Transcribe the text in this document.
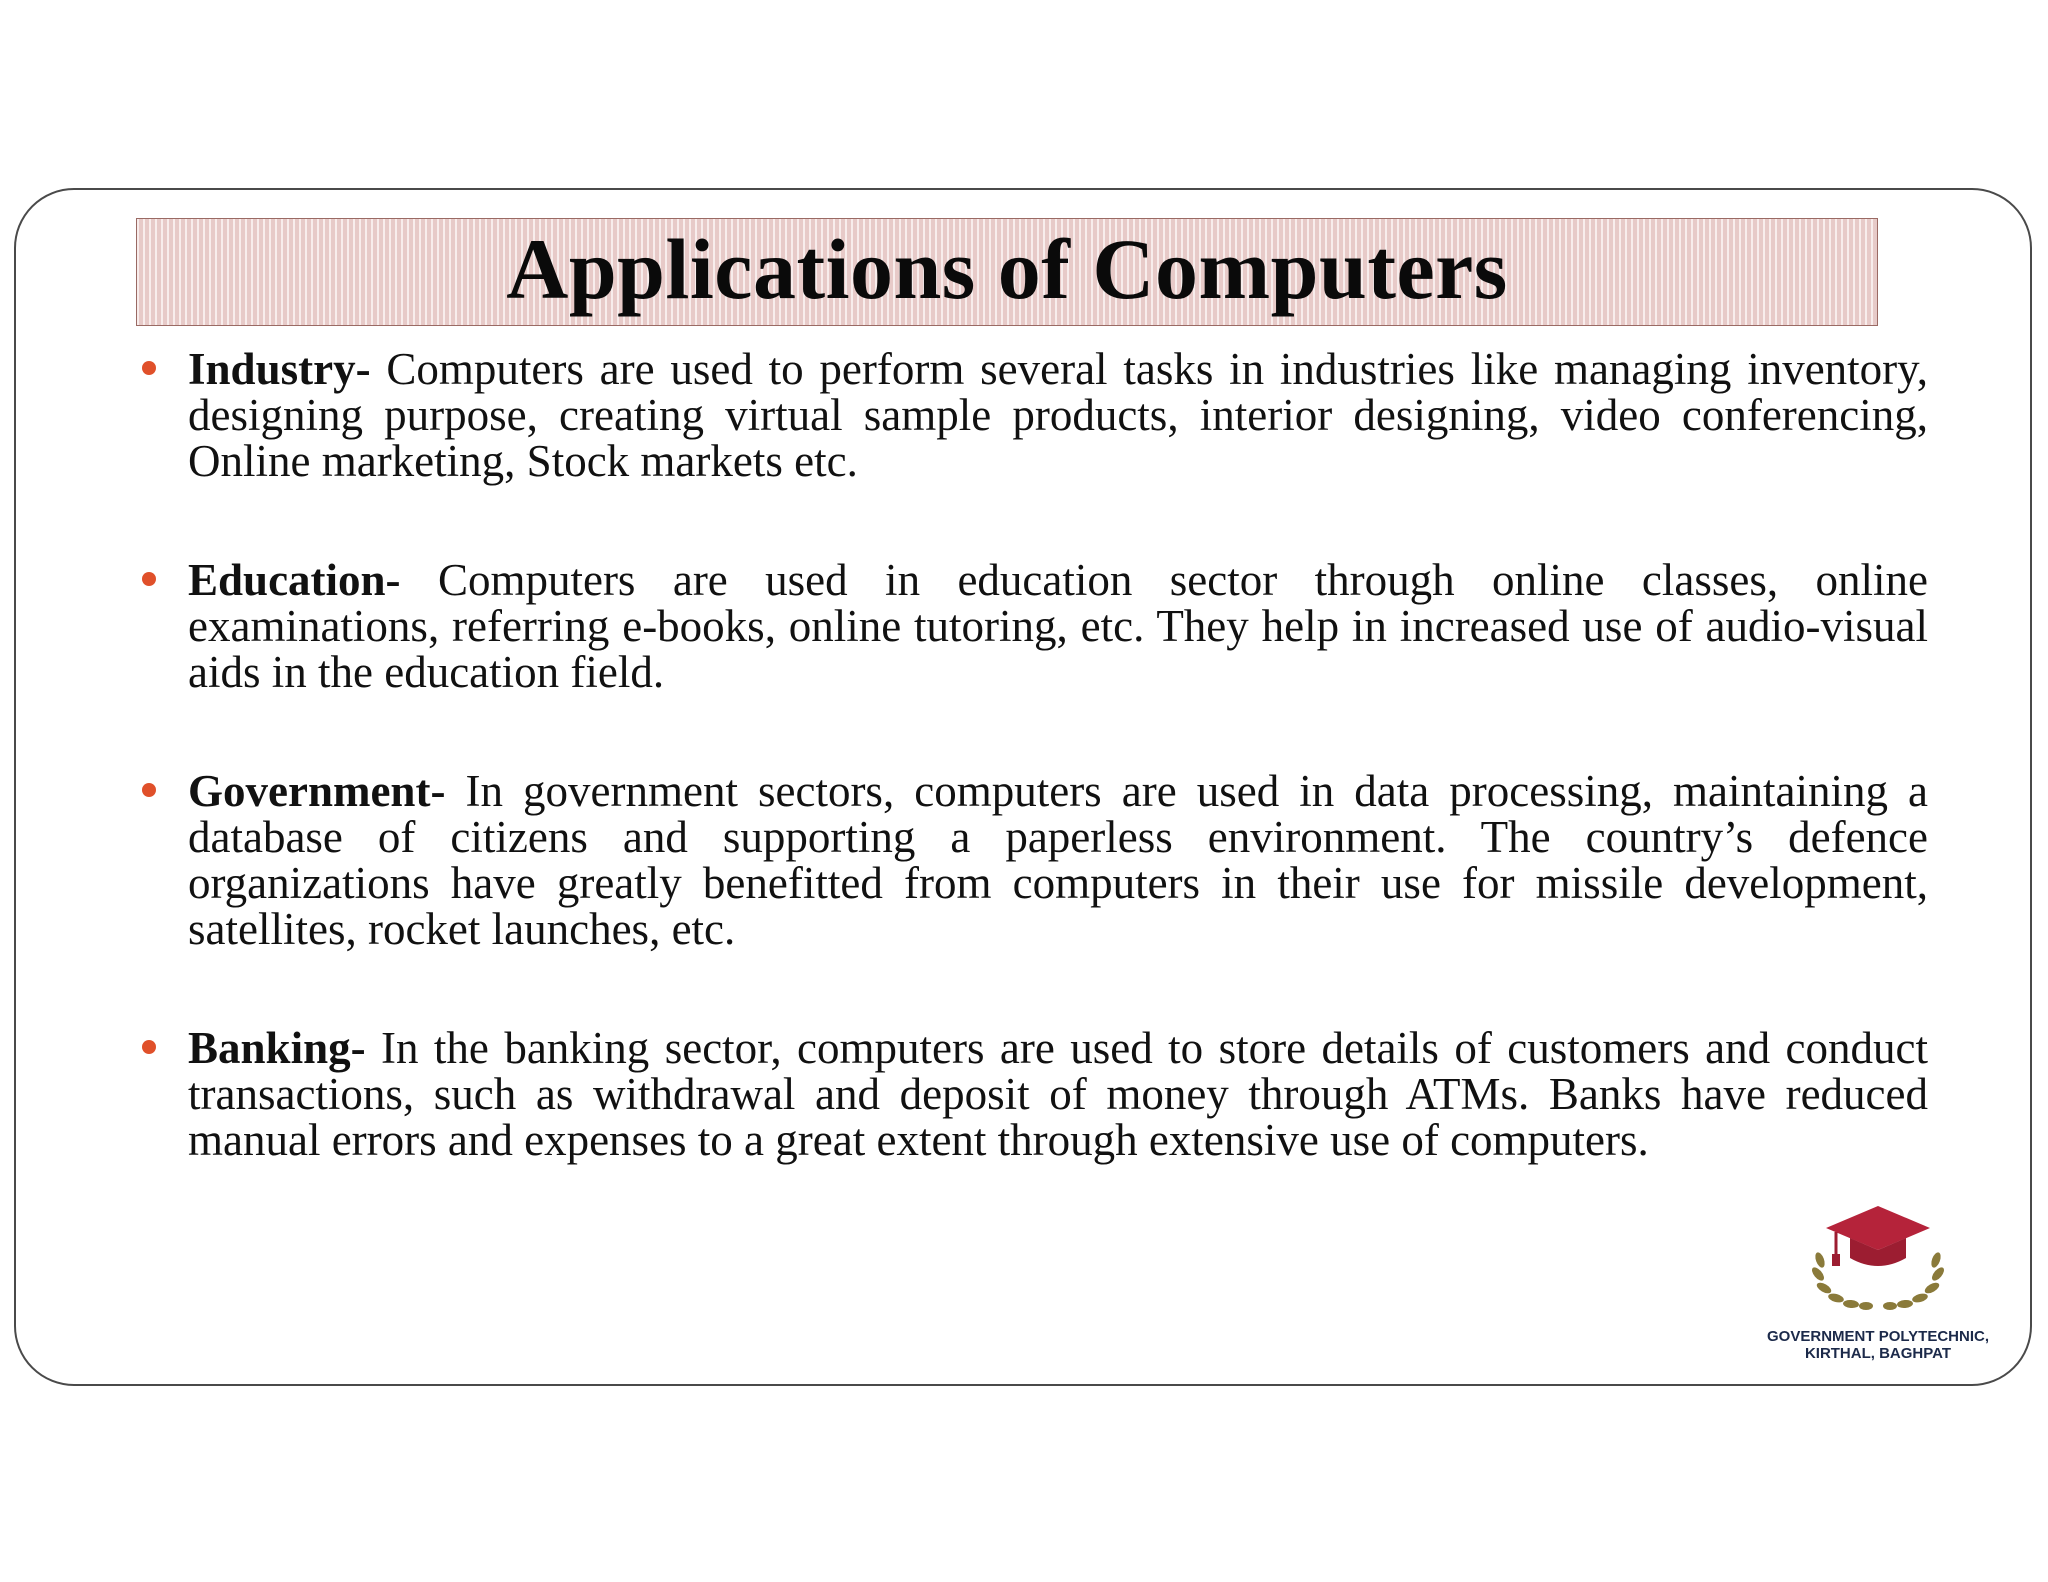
Applications of Computers
Industry- Computers are used to perform several tasks in industries like managing inventory, designing purpose, creating virtual sample products, interior designing, video conferencing, Online marketing, Stock markets etc.
Education- Computers are used in education sector through online classes, online examinations, referring e-books, online tutoring, etc. They help in increased use of audio-visual aids in the education field.
Government- In government sectors, computers are used in data processing, maintaining a database of citizens and supporting a paperless environment. The country’s defence organizations have greatly benefitted from computers in their use for missile development, satellites, rocket launches, etc.
Banking- In the banking sector, computers are used to store details of customers and conduct transactions, such as withdrawal and deposit of money through ATMs. Banks have reduced manual errors and expenses to a great extent through extensive use of computers.
GOVERNMENT POLYTECHNIC,
KIRTHAL, BAGHPAT
